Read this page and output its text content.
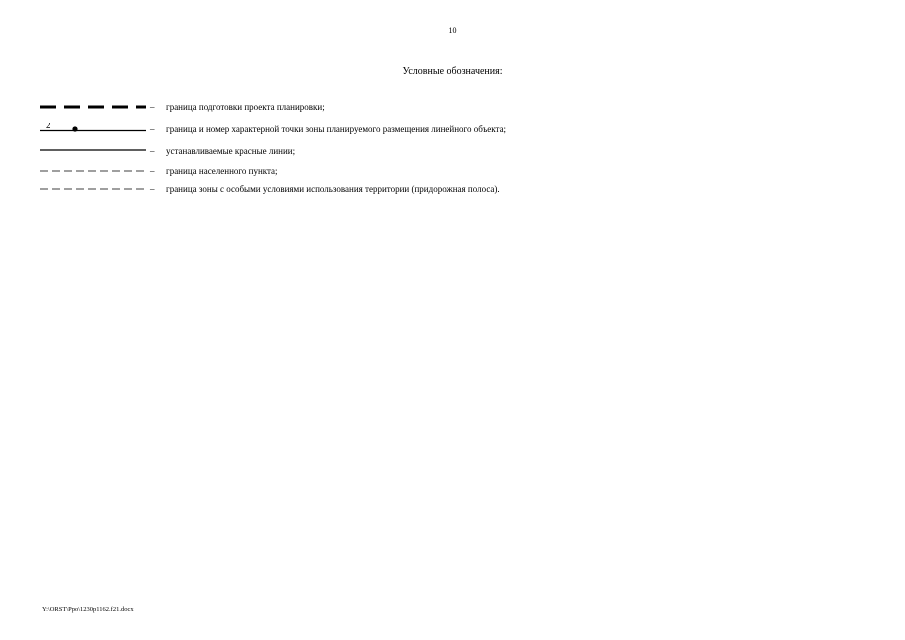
10
Условные обозначения:
– граница подготовки проекта планировки;
2	– граница и номер характерной точки зоны планируемого размещения линейного объекта;
– устанавливаемые красные линии;
– граница населенного пункта;
– граница зоны с особыми условиями использования территории (придорожная полоса).
Y:\ORST\Ppo\1230p1162.f21.docx
